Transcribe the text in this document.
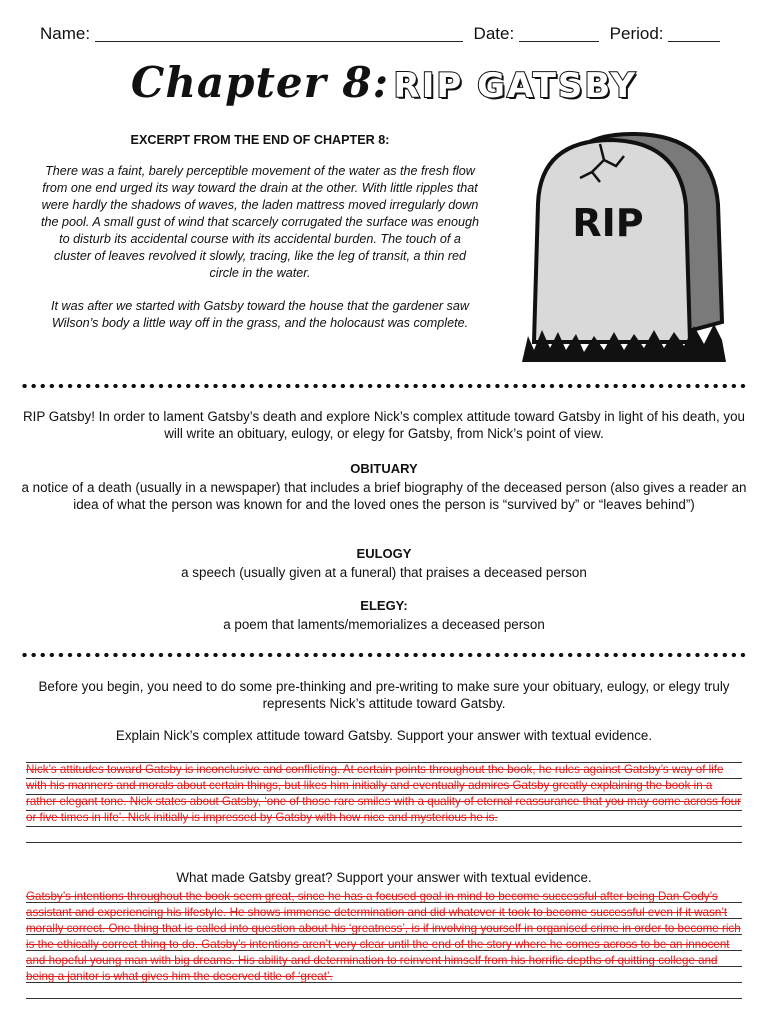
Name:	Date:	Period:
Chapter 8: RIP GATSBY
EXCERPT FROM THE END OF CHAPTER 8:

There was a faint, barely perceptible movement of the water as the fresh flow from one end urged its way toward the drain at the other. With little ripples that were hardly the shadows of waves, the laden mattress moved irregularly down the pool. A small gust of wind that scarcely corrugated the surface was enough to disturb its accidental course with its accidental burden. The touch of a cluster of leaves revolved it slowly, tracing, like the leg of transit, a thin red circle in the water.

It was after we started with Gatsby toward the house that the gardener saw Wilson’s body a little way off in the grass, and the holocaust was complete.

RIP
RIP Gatsby! In order to lament Gatsby’s death and explore Nick’s complex attitude toward Gatsby in light of his death, you will write an obituary, eulogy, or elegy for Gatsby, from Nick’s point of view.
OBITUARY
a notice of a death (usually in a newspaper) that includes a brief biography of the deceased person (also gives a reader an idea of what the person was known for and the loved ones the person is “survived by” or “leaves behind”)
EULOGY
a speech (usually given at a funeral) that praises a deceased person
ELEGY:
a poem that laments/memorializes a deceased person
Before you begin, you need to do some pre-thinking and pre-writing to make sure your obituary, eulogy, or elegy truly represents Nick’s attitude toward Gatsby.
Explain Nick’s complex attitude toward Gatsby. Support your answer with textual evidence.
Nick’s attitudes toward Gatsby is inconclusive and conflicting. At certain points throughout the book, he rules against Gatsby’s way of life with his manners and morals about certain things, but likes him initially and eventually admires Gatsby greatly explaining the book in a rather elegant tone. Nick states about Gatsby, ‘one of those rare smiles with a quality of eternal reassurance that you may come across four or five times in life’. Nick initially is impressed by Gatsby with how nice and mysterious he is.
What made Gatsby great? Support your answer with textual evidence.
Gatsby’s intentions throughout the book seem great, since he has a focused goal in mind to become successful after being Dan Cody’s assistant and experiencing his lifestyle. He shows immense determination and did whatever it took to become successful even if it wasn’t morally correct. One thing that is called into question about his ‘greatness’, is if involving yourself in organised crime in order to become rich is the ethically correct thing to do. Gatsby’s intentions aren’t very clear until the end of the story where he comes across to be an innocent and hopeful young man with big dreams. His ability and determination to reinvent himself from his horrific depths of quitting college and being a janitor is what gives him the deserved title of ‘great’.
